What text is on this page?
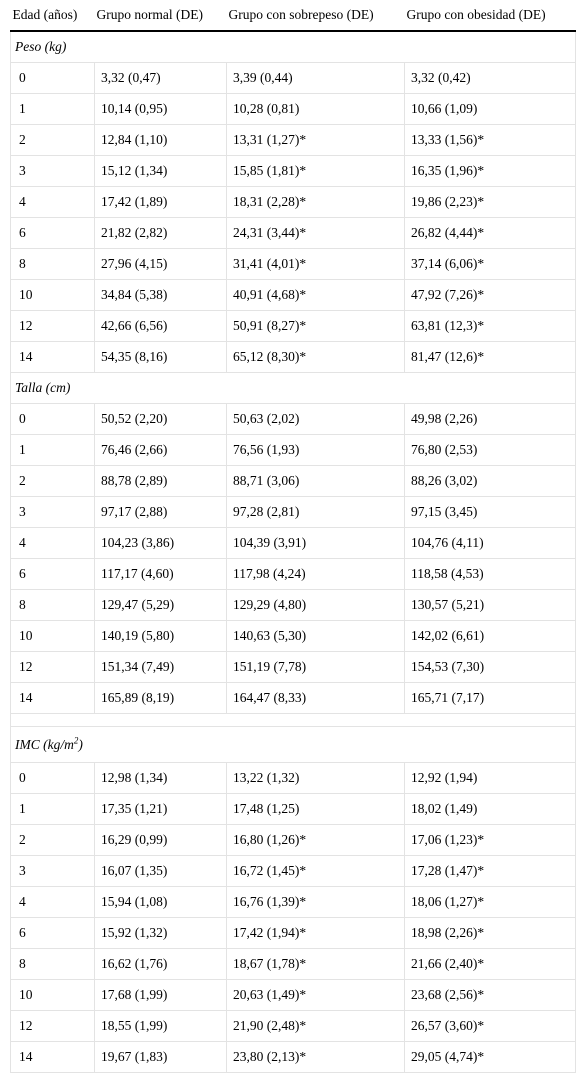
Edad (años)	Grupo normal (DE)	Grupo con sobrepeso (DE)	Grupo con obesidad (DE)
Peso (kg)			
0	3,32 (0,47)	3,39 (0,44)	3,32 (0,42)
1	10,14 (0,95)	10,28 (0,81)	10,66 (1,09)
2	12,84 (1,10)	13,31 (1,27)*	13,33 (1,56)*
3	15,12 (1,34)	15,85 (1,81)*	16,35 (1,96)*
4	17,42 (1,89)	18,31 (2,28)*	19,86 (2,23)*
6	21,82 (2,82)	24,31 (3,44)*	26,82 (4,44)*
8	27,96 (4,15)	31,41 (4,01)*	37,14 (6,06)*
10	34,84 (5,38)	40,91 (4,68)*	47,92 (7,26)*
12	42,66 (6,56)	50,91 (8,27)*	63,81 (12,3)*
14	54,35 (8,16)	65,12 (8,30)*	81,47 (12,6)*
Talla (cm)			
0	50,52 (2,20)	50,63 (2,02)	49,98 (2,26)
1	76,46 (2,66)	76,56 (1,93)	76,80 (2,53)
2	88,78 (2,89)	88,71 (3,06)	88,26 (3,02)
3	97,17 (2,88)	97,28 (2,81)	97,15 (3,45)
4	104,23 (3,86)	104,39 (3,91)	104,76 (4,11)
6	117,17 (4,60)	117,98 (4,24)	118,58 (4,53)
8	129,47 (5,29)	129,29 (4,80)	130,57 (5,21)
10	140,19 (5,80)	140,63 (5,30)	142,02 (6,61)
12	151,34 (7,49)	151,19 (7,78)	154,53 (7,30)
14	165,89 (8,19)	164,47 (8,33)	165,71 (7,17)

IMC $(kg/m^2)$			
0	12,98 (1,34)	13,22 (1,32)	12,92 (1,94)
1	17,35 (1,21)	17,48 (1,25)	18,02 (1,49)
2	16,29 (0,99)	16,80 (1,26)*	17,06 (1,23)*
3	16,07 (1,35)	16,72 (1,45)*	17,28 (1,47)*
4	15,94 (1,08)	16,76 (1,39)*	18,06 (1,27)*
6	15,92 (1,32)	17,42 (1,94)*	18,98 (2,26)*
8	16,62 (1,76)	18,67 (1,78)*	21,66 (2,40)*
10	17,68 (1,99)	20,63 (1,49)*	23,68 (2,56)*
12	18,55 (1,99)	21,90 (2,48)*	26,57 (3,60)*
14	19,67 (1,83)	23,80 (2,13)*	29,05 (4,74)*
